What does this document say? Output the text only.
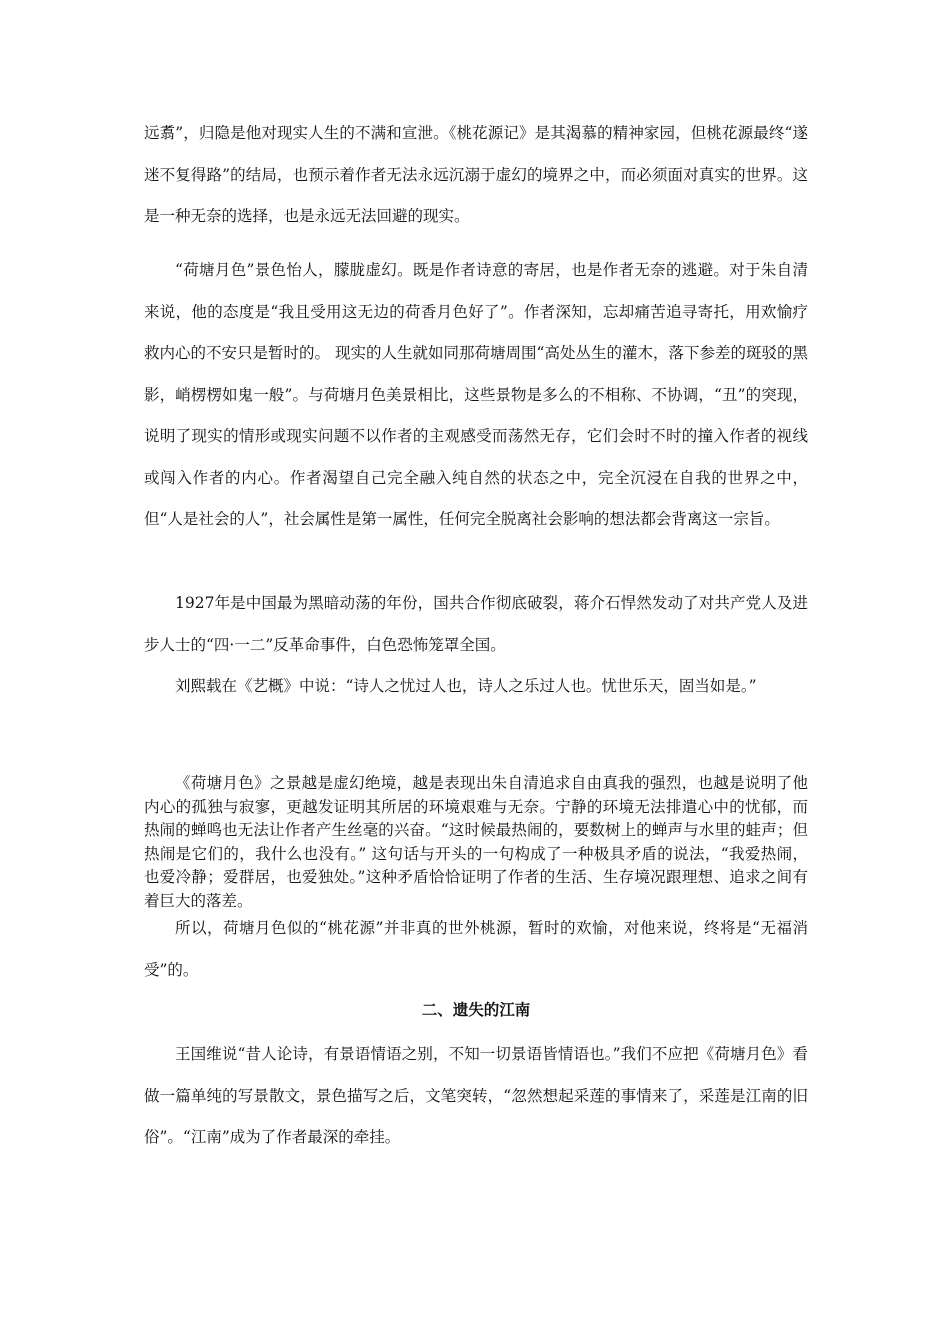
远翥”，归隐是他对现实人生的不满和宣泄。《桃花源记》是其渴慕的精神家园，但桃花源最终“遂迷不复得路”的结局，也预示着作者无法永远沉溺于虚幻的境界之中，而必须面对真实的世界。这是一种无奈的选择，也是永远无法回避的现实。

“荷塘月色”景色怡人，朦胧虚幻。既是作者诗意的寄居，也是作者无奈的逃避。对于朱自清来说，他的态度是“我且受用这无边的荷香月色好了”。作者深知，忘却痛苦追寻寄托，用欢愉疗救内心的不安只是暂时的。 现实的人生就如同那荷塘周围“高处丛生的灌木，落下参差的斑驳的黑影，峭楞楞如鬼一般”。与荷塘月色美景相比，这些景物是多么的不相称、不协调，“丑”的突现，说明了现实的情形或现实问题不以作者的主观感受而荡然无存，它们会时不时的撞入作者的视线或闯入作者的内心。作者渴望自己完全融入纯自然的状态之中，完全沉浸在自我的世界之中，但“人是社会的人”，社会属性是第一属性，任何完全脱离社会影响的想法都会背离这一宗旨。

1927年是中国最为黑暗动荡的年份，国共合作彻底破裂，蒋介石悍然发动了对共产党人及进步人士的“四·一二”反革命事件，白色恐怖笼罩全国。

刘熙载在《艺概》中说：“诗人之忧过人也，诗人之乐过人也。忧世乐天，固当如是。”

《荷塘月色》之景越是虚幻绝境，越是表现出朱自清追求自由真我的强烈，也越是说明了他内心的孤独与寂寥，更越发证明其所居的环境艰难与无奈。宁静的环境无法排遣心中的忧郁，而热闹的蝉鸣也无法让作者产生丝毫的兴奋。“这时候最热闹的，要数树上的蝉声与水里的蛙声；但热闹是它们的，我什么也没有。” 这句话与开头的一句构成了一种极具矛盾的说法，“我爱热闹，也爱冷静；爱群居，也爱独处。”这种矛盾恰恰证明了作者的生活、生存境况跟理想、追求之间有着巨大的落差。

所以，荷塘月色似的“桃花源”并非真的世外桃源，暂时的欢愉，对他来说，终将是“无福消受”的。

二、遗失的江南

王国维说“昔人论诗，有景语情语之别，不知一切景语皆情语也。”我们不应把《荷塘月色》看做一篇单纯的写景散文，景色描写之后，文笔突转，“忽然想起采莲的事情来了，采莲是江南的旧俗”。“江南”成为了作者最深的牵挂。
